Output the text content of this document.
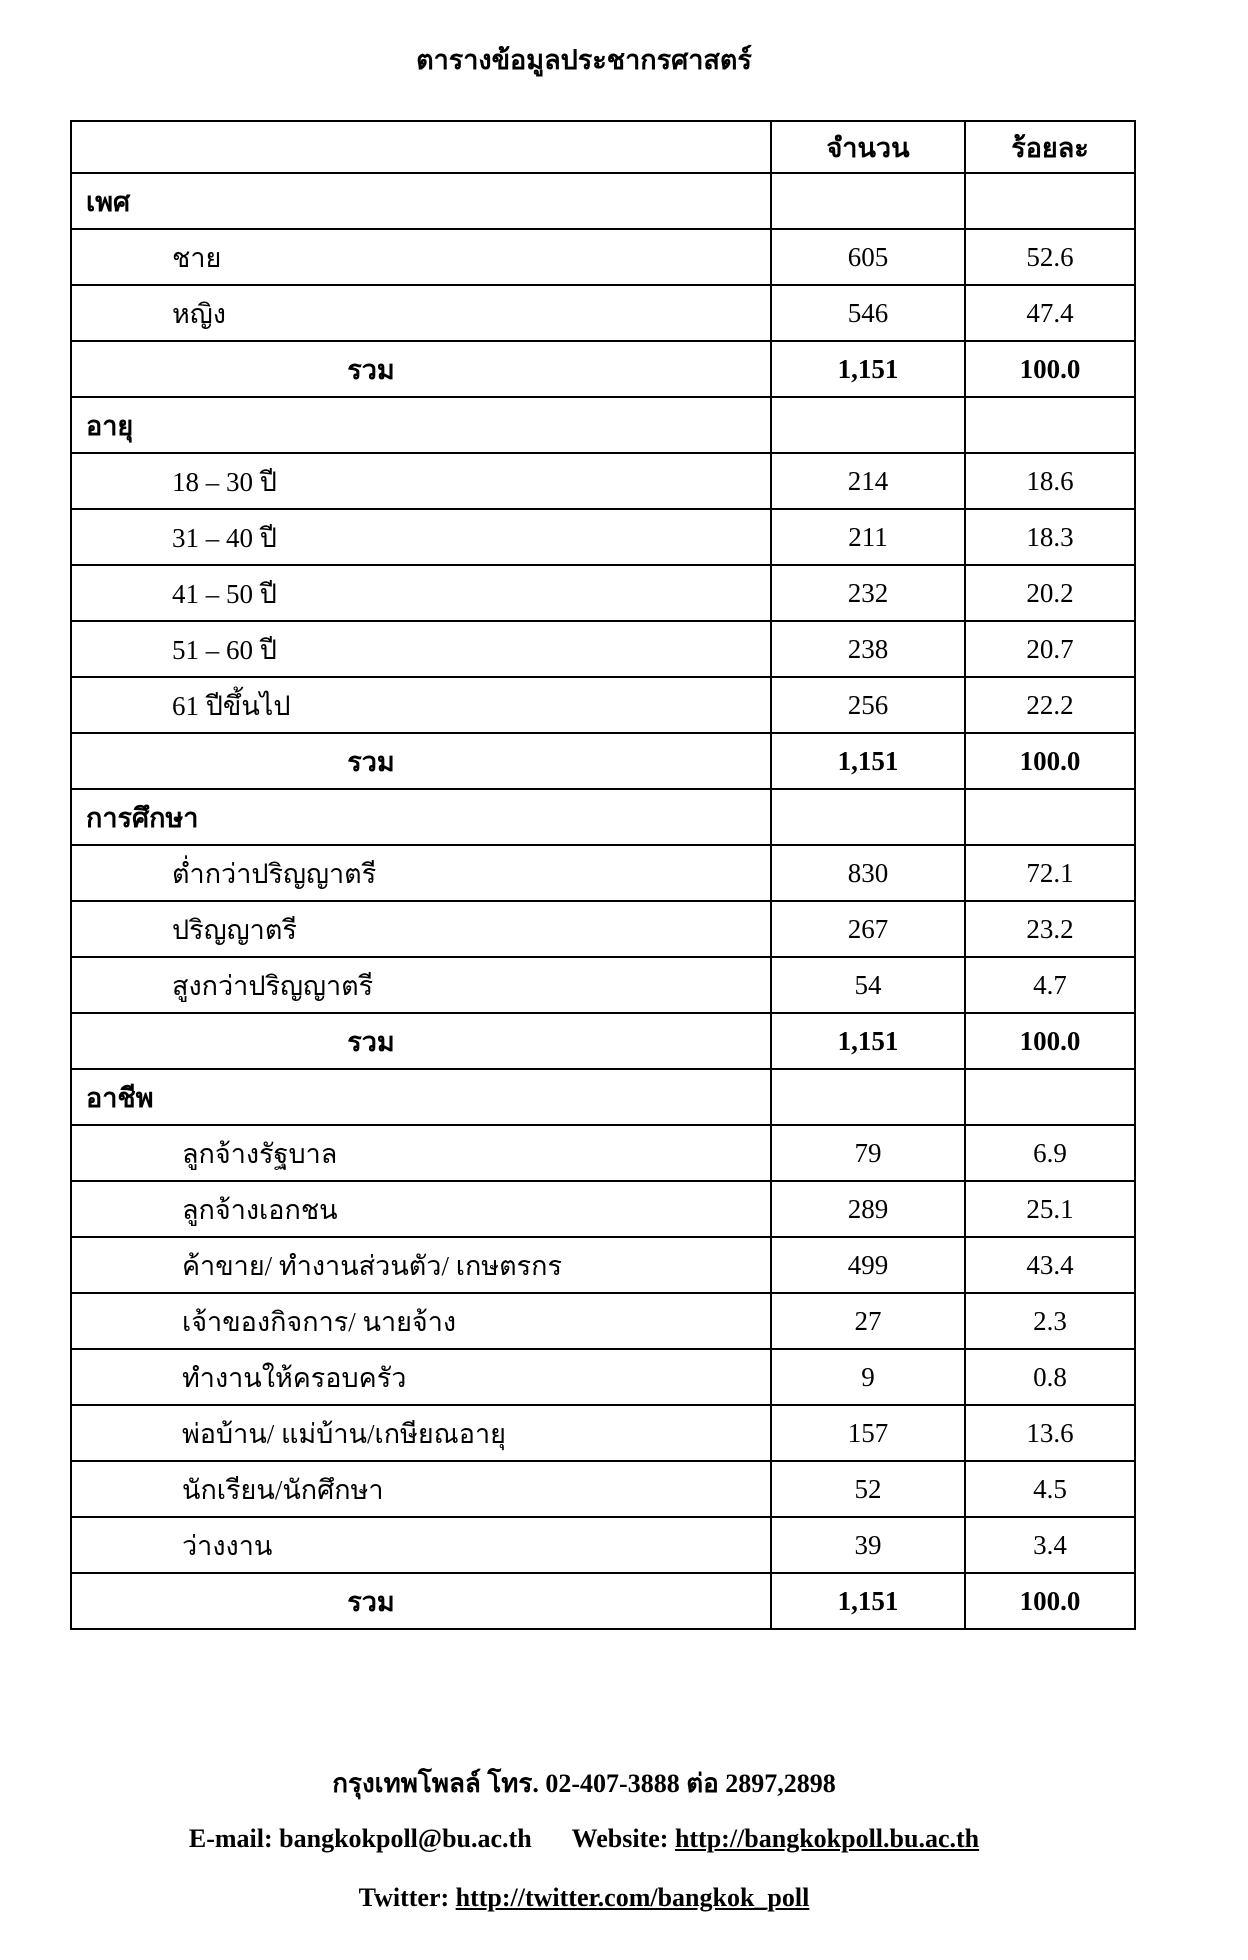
ตารางข้อมูลประชากรศาสตร์
	จำนวน	ร้อยละ
เพศ		
ชาย	605	52.6
หญิง	546	47.4
รวม	1,151	100.0
อายุ		
18 – 30 ปี	214	18.6
31 – 40 ปี	211	18.3
41 – 50 ปี	232	20.2
51 – 60 ปี	238	20.7
61 ปีขึ้นไป	256	22.2
รวม	1,151	100.0
การศึกษา		
ต่ำกว่าปริญญาตรี	830	72.1
ปริญญาตรี	267	23.2
สูงกว่าปริญญาตรี	54	4.7
รวม	1,151	100.0
อาชีพ		
ลูกจ้างรัฐบาล	79	6.9
ลูกจ้างเอกชน	289	25.1
ค้าขาย/ ทำงานส่วนตัว/ เกษตรกร	499	43.4
เจ้าของกิจการ/ นายจ้าง	27	2.3
ทำงานให้ครอบครัว	9	0.8
พ่อบ้าน/ แม่บ้าน/เกษียณอายุ	157	13.6
นักเรียน/นักศึกษา	52	4.5
ว่างงาน	39	3.4
รวม	1,151	100.0
กรุงเทพโพลล์ โทร. 02-407-3888 ต่อ 2897,2898
E-mail: bangkokpoll@bu.ac.th Website: http://bangkokpoll.bu.ac.th
Twitter: http://twitter.com/bangkok_poll
